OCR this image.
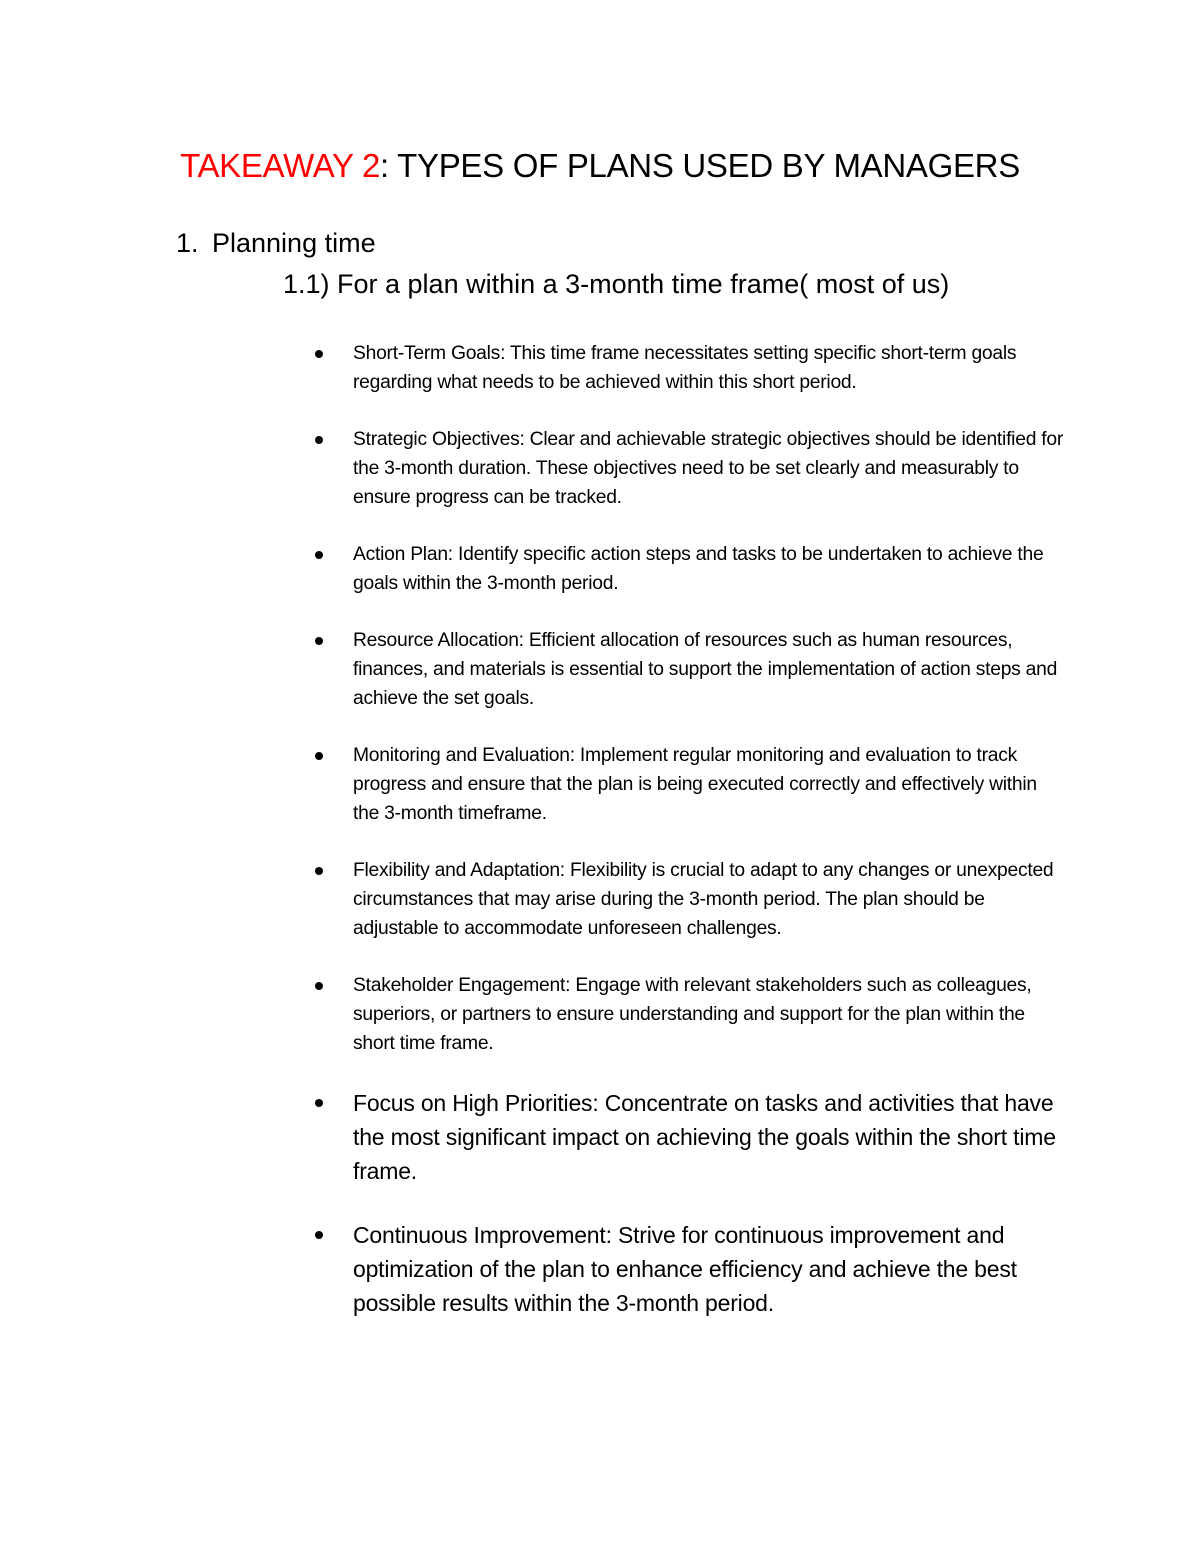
TAKEAWAY 2: TYPES OF PLANS USED BY MANAGERS
1. Planning time
1.1) For a plan within a 3-month time frame( most of us)
Short-Term Goals: This time frame necessitates setting specific short-term goals regarding what needs to be achieved within this short period.
Strategic Objectives: Clear and achievable strategic objectives should be identified for the 3-month duration. These objectives need to be set clearly and measurably to ensure progress can be tracked.
Action Plan: Identify specific action steps and tasks to be undertaken to achieve the goals within the 3-month period.
Resource Allocation: Efficient allocation of resources such as human resources, finances, and materials is essential to support the implementation of action steps and achieve the set goals.
Monitoring and Evaluation: Implement regular monitoring and evaluation to track progress and ensure that the plan is being executed correctly and effectively within the 3-month timeframe.
Flexibility and Adaptation: Flexibility is crucial to adapt to any changes or unexpected circumstances that may arise during the 3-month period. The plan should be adjustable to accommodate unforeseen challenges.
Stakeholder Engagement: Engage with relevant stakeholders such as colleagues, superiors, or partners to ensure understanding and support for the plan within the short time frame.
Focus on High Priorities: Concentrate on tasks and activities that have the most significant impact on achieving the goals within the short time frame.
Continuous Improvement: Strive for continuous improvement and optimization of the plan to enhance efficiency and achieve the best possible results within the 3-month period.
